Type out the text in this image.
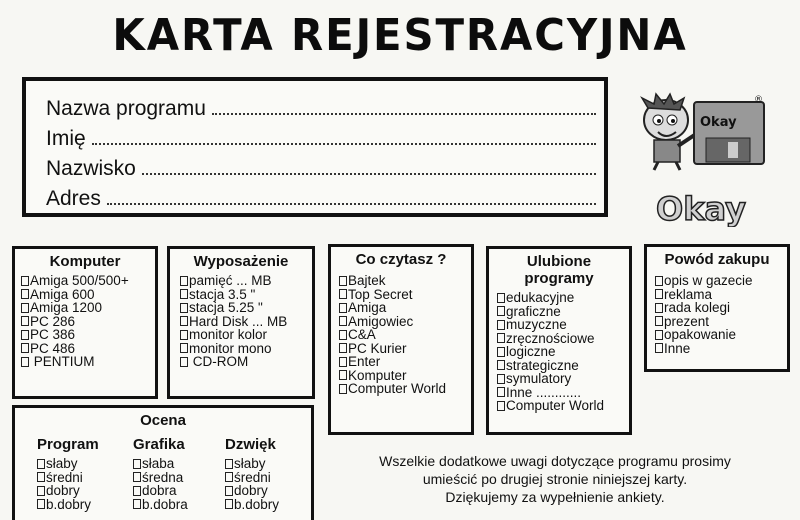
KARTA REJESTRACYJNA
Nazwa programu
Imię
Nazwisko
Adres
Okay
®
Okay
Komputer
Amiga 500/500+
Amiga 600
Amiga 1200
PC 286
PC 386
PC 486
PENTIUM
Wyposażenie
pamięć ... MB
stacja 3.5 "
stacja 5.25 "
Hard Disk ... MB
monitor kolor
monitor mono
CD-ROM
Co czytasz ?
Bajtek
Top Secret
Amiga
Amigowiec
C&A
PC Kurier
Enter
Komputer
Computer World
Ulubione
programy
edukacyjne
graficzne
muzyczne
zręcznościowe
logiczne
strategiczne
symulatory
Inne ............
Computer World
Powód zakupu
opis w gazecie
reklama
rada kolegi
prezent
opakowanie
Inne
Ocena
Program
słaby
średni
dobry
b.dobry
Grafika
słaba
średna
dobra
b.dobra
Dzwięk
słaby
średni
dobry
b.dobry
Wszelkie dodatkowe uwagi dotyczące programu prosimy
umieścić po drugiej stronie niniejszej karty.
Dziękujemy za wypełnienie ankiety.
